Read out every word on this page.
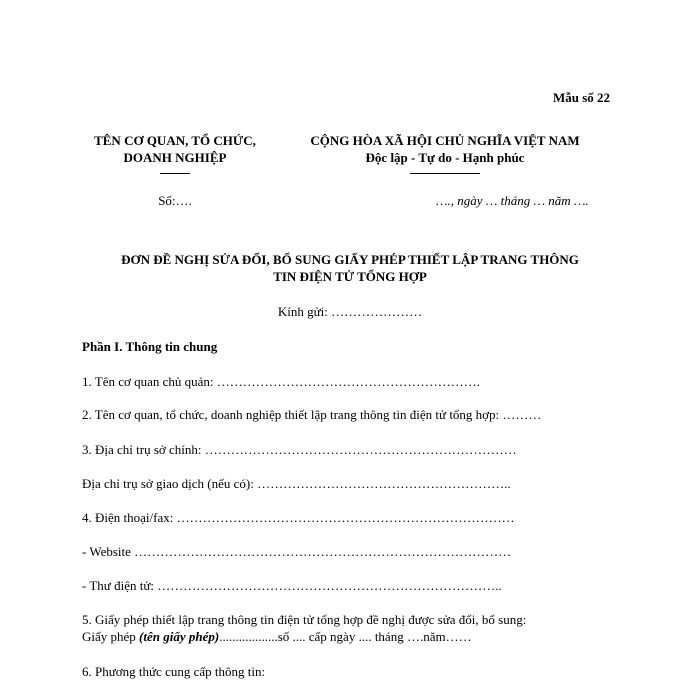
Mẫu số 22
TÊN CƠ QUAN, TỔ CHỨC,
DOANH NGHIỆP
Số:….
CỘNG HÒA XÃ HỘI CHỦ NGHĨA VIỆT NAM
Độc lập - Tự do - Hạnh phúc
…., ngày … tháng … năm ….
ĐƠN ĐỀ NGHỊ SỬA ĐỔI, BỔ SUNG GIẤY PHÉP THIẾT LẬP TRANG THÔNG
TIN ĐIỆN TỬ TỔNG HỢP
Kính gửi: …………………
Phần I. Thông tin chung
1. Tên cơ quan chủ quản: …………………………………………………….
2. Tên cơ quan, tổ chức, doanh nghiệp thiết lập trang thông tin điện tử tổng hợp: ………
3. Địa chỉ trụ sở chính: ………………………………………………………………
Địa chỉ trụ sở giao dịch (nếu có): …………………………………………………..
4. Điện thoại/fax: ……………………………………………………………………
- Website ……………………………………………………………………………
- Thư điện tử: ……………………………………………………………………..
5. Giấy phép thiết lập trang thông tin điện tử tổng hợp đề nghị được sửa đổi, bổ sung:
Giấy phép (tên giấy phép)..................số .... cấp ngày .... tháng ….năm……
6. Phương thức cung cấp thông tin:
